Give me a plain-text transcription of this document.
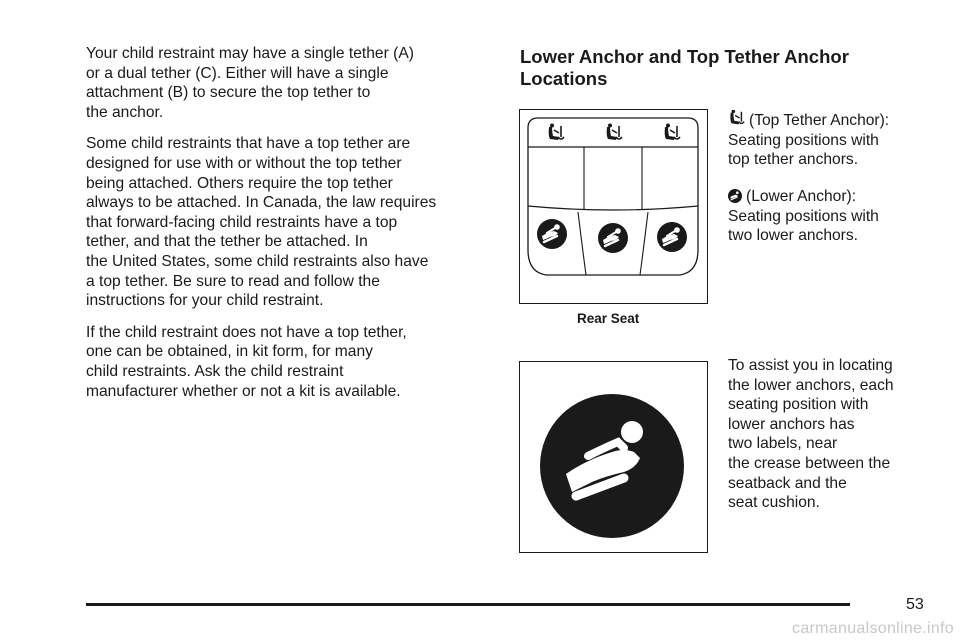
Your child restraint may have a single tether (A)
or a dual tether (C). Either will have a single
attachment (B) to secure the top tether to
the anchor.

Some child restraints that have a top tether are
designed for use with or without the top tether
being attached. Others require the top tether
always to be attached. In Canada, the law requires
that forward-facing child restraints have a top
tether, and that the tether be attached. In
the United States, some child restraints also have
a top tether. Be sure to read and follow the
instructions for your child restraint.

If the child restraint does not have a top tether,
one can be obtained, in kit form, for many
child restraints. Ask the child restraint
manufacturer whether or not a kit is available.

Lower Anchor and Top Tether Anchor
Locations
Rear Seat
(Top Tether Anchor):
Seating positions with
top tether anchors.
(Lower Anchor):
Seating positions with
two lower anchors.
To assist you in locating
the lower anchors, each
seating position with
lower anchors has
two labels, near
the crease between the
seatback and the
seat cushion.
53
carmanualsonline.info
